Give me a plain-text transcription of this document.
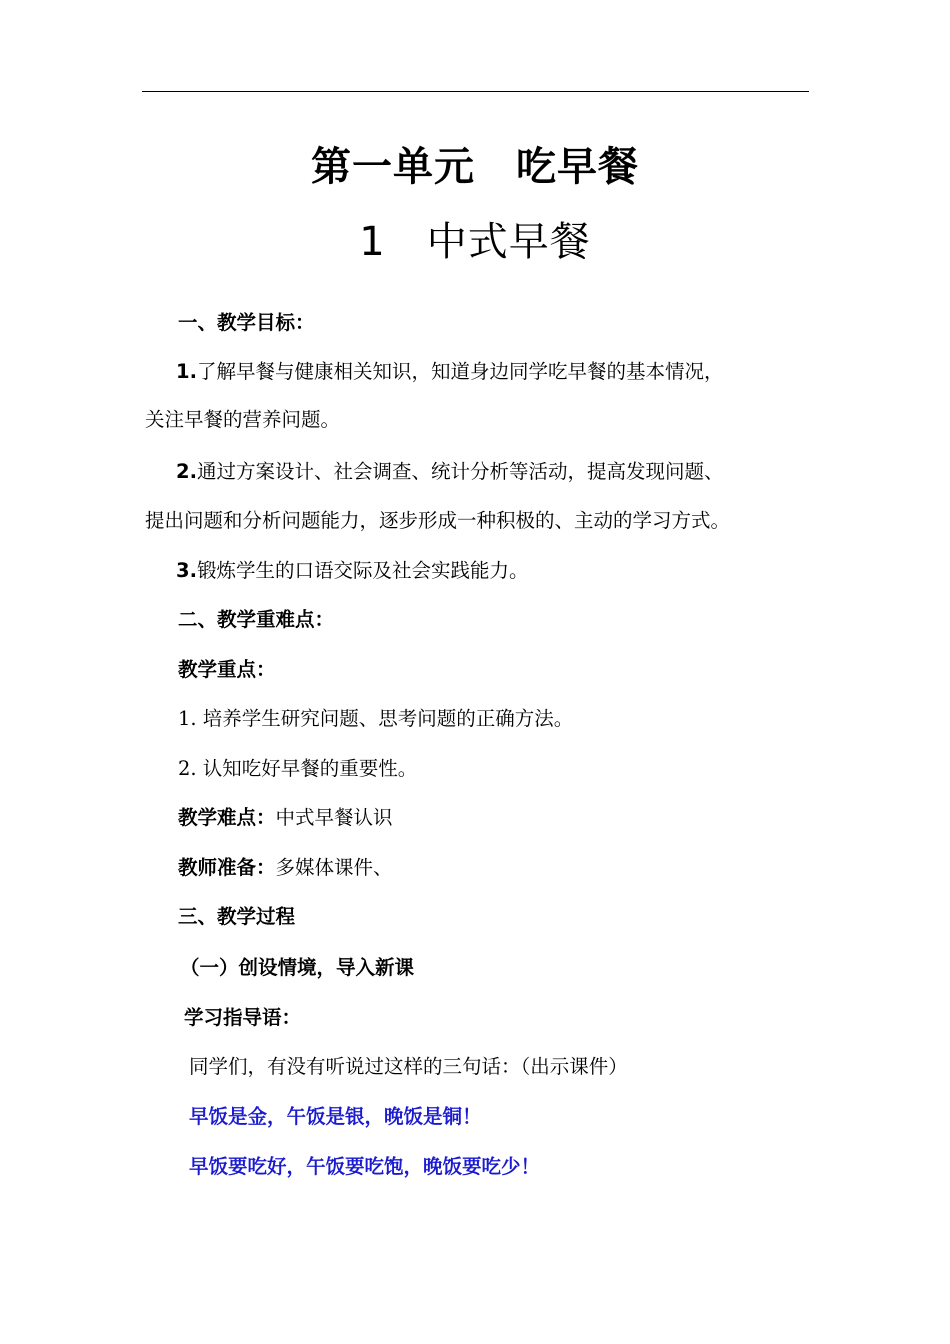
第一单元　吃早餐
1　中式早餐
一、教学目标：
1.了解早餐与健康相关知识，知道身边同学吃早餐的基本情况，
关注早餐的营养问题。
2.通过方案设计、社会调查、统计分析等活动，提高发现问题、
提出问题和分析问题能力，逐步形成一种积极的、主动的学习方式。
3.锻炼学生的口语交际及社会实践能力。
二、教学重难点：
教学重点：
1. 培养学生研究问题、思考问题的正确方法。
2. 认知吃好早餐的重要性。
教学难点：中式早餐认识
教师准备：多媒体课件、
三、教学过程
（一）创设情境，导入新课
学习指导语：
同学们，有没有听说过这样的三句话：（出示课件）
早饭是金，午饭是银，晚饭是铜！
早饭要吃好，午饭要吃饱，晚饭要吃少！
